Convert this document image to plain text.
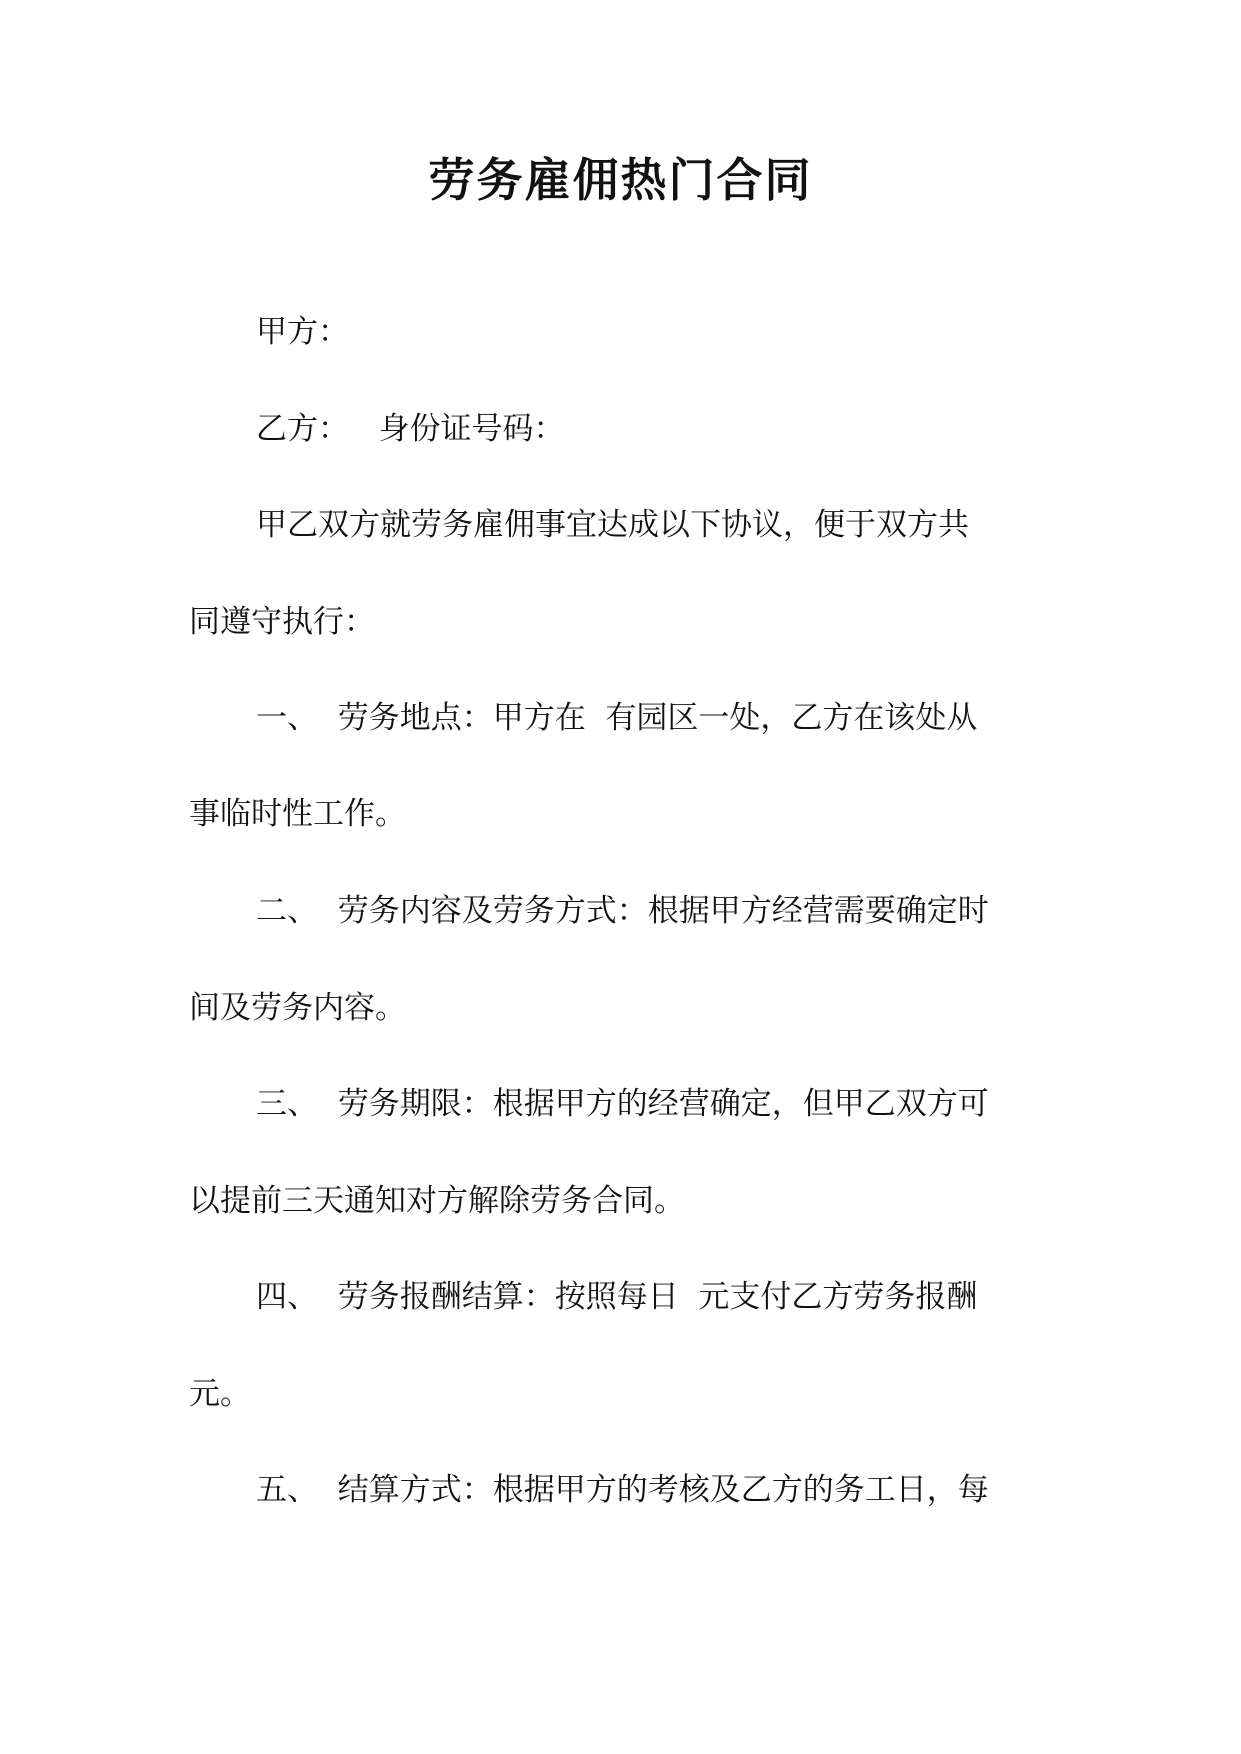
劳务雇佣热门合同

甲方：

乙方：   身份证号码：

甲乙双方就劳务雇佣事宜达成以下协议，便于双方共

同遵守执行：

一、  劳务地点：甲方在  有园区一处，乙方在该处从

事临时性工作。

二、  劳务内容及劳务方式：根据甲方经营需要确定时

间及劳务内容。

三、  劳务期限：根据甲方的经营确定，但甲乙双方可

以提前三天通知对方解除劳务合同。

四、  劳务报酬结算：按照每日  元支付乙方劳务报酬

元。

五、  结算方式：根据甲方的考核及乙方的务工日，每
